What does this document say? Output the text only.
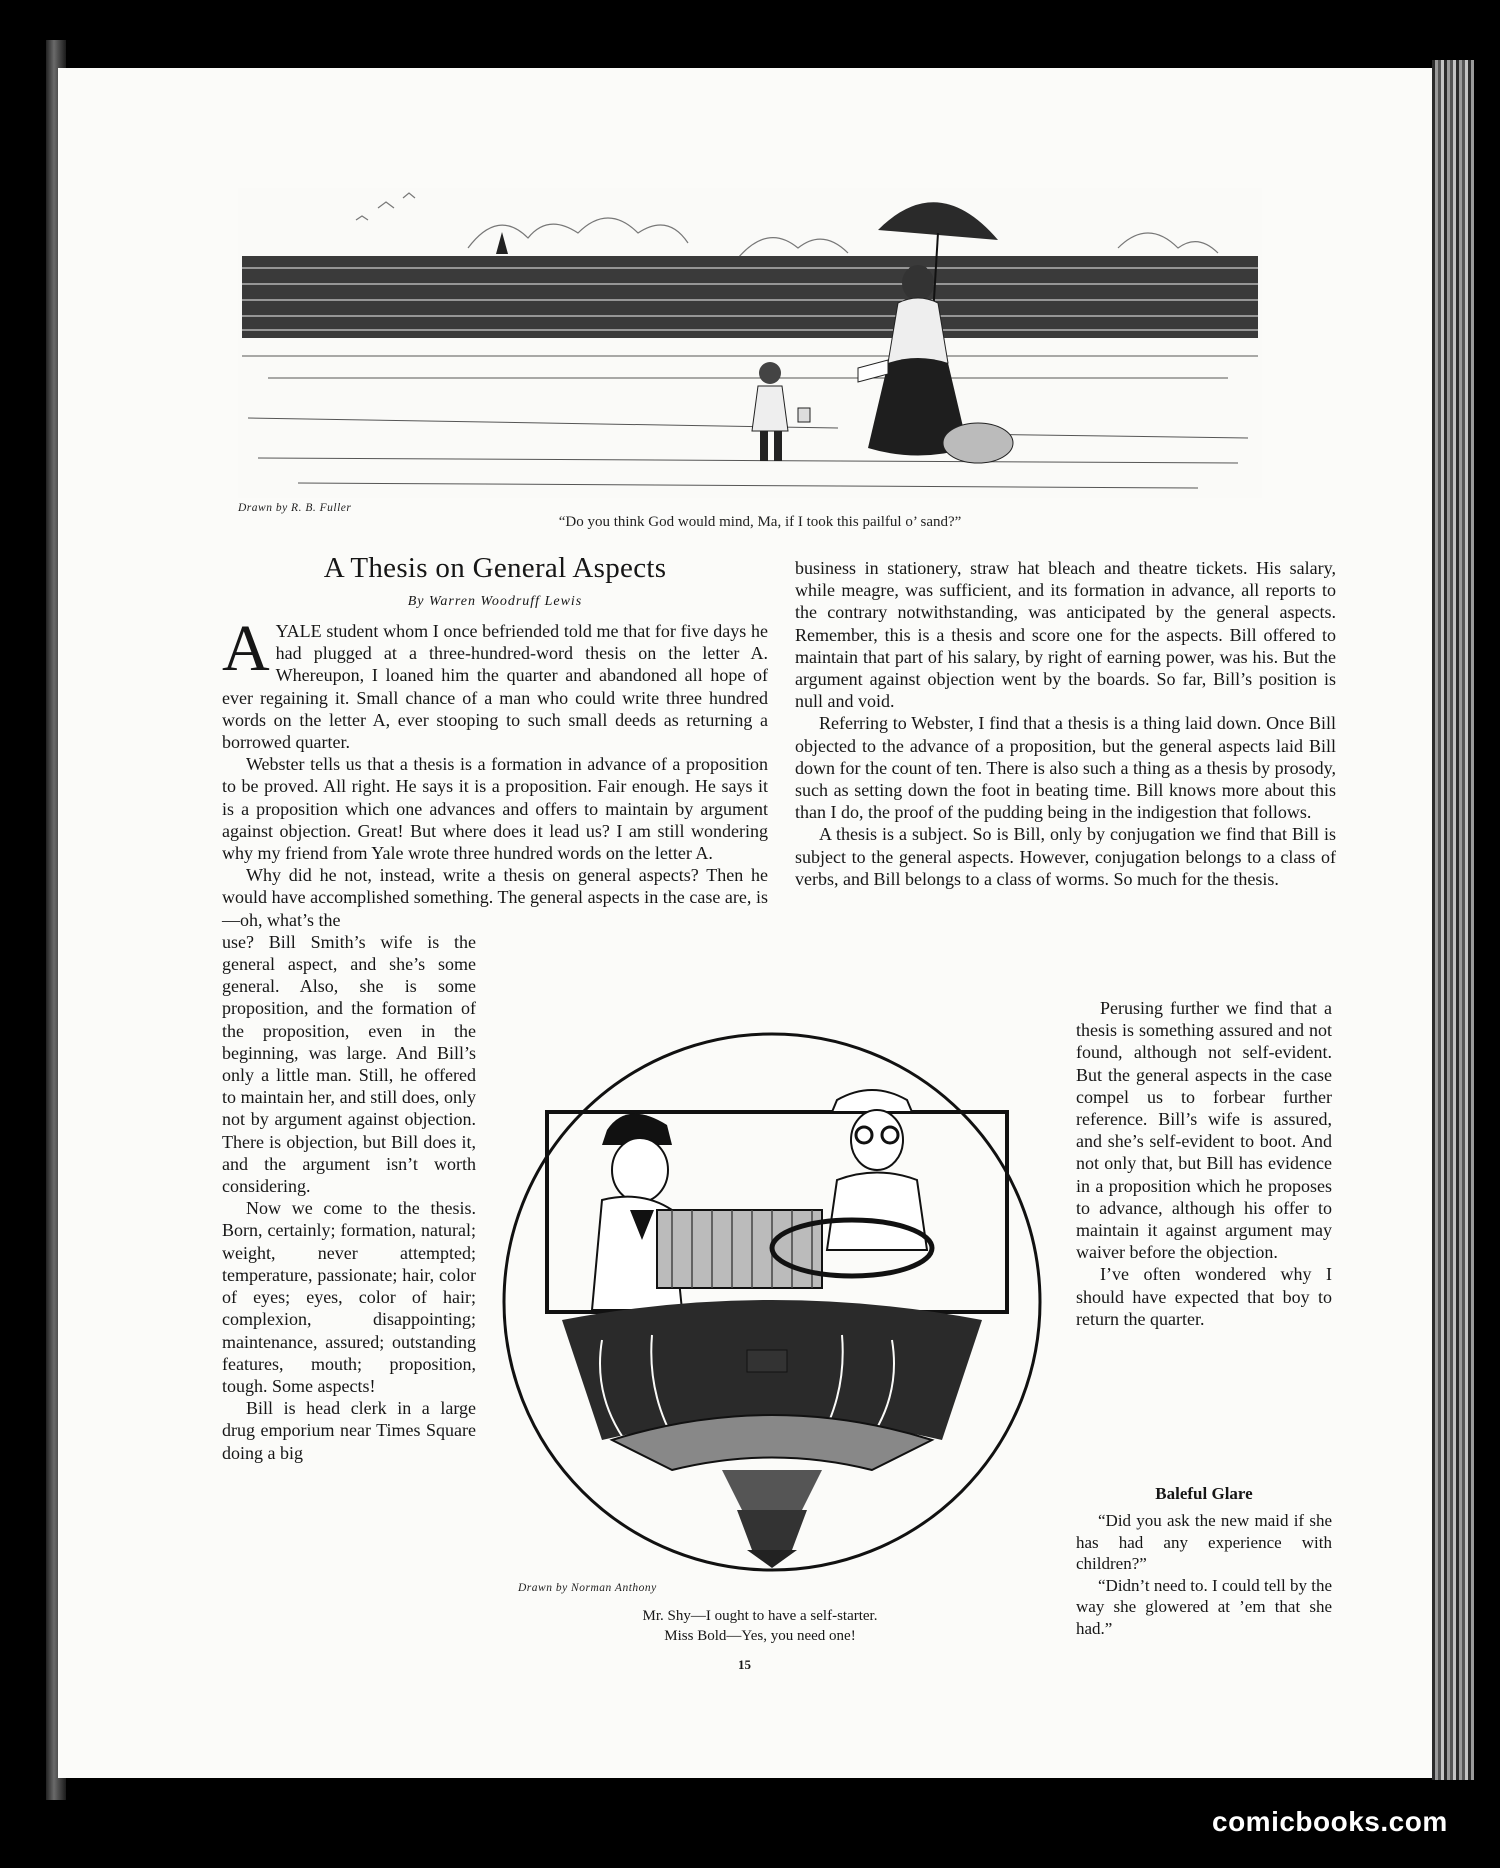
Drawn by R. B. Fuller
“Do you think God would mind, Ma, if I took this pailful o’ sand?”
A Thesis on General Aspects
By Warren Woodruff Lewis

AYALE student whom I once befriended told me that for five days he had plugged at a three-hundred-word thesis on the letter A. Whereupon, I loaned him the quarter and abandoned all hope of ever regaining it. Small chance of a man who could write three hundred words on the letter A, ever stooping to such small deeds as returning a borrowed quarter.

Webster tells us that a thesis is a formation in advance of a proposition to be proved. All right. He says it is a proposition. Fair enough. He says it is a proposition which one advances and offers to maintain by argument against objection. Great! But where does it lead us? I am still wondering why my friend from Yale wrote three hundred words on the letter A.

Why did he not, instead, write a thesis on general aspects? Then he would have accomplished something. The general aspects in the case are, is—oh, what’s the

use? Bill Smith’s wife is the general aspect, and she’s some general. Also, she is some proposition, and the formation of the proposition, even in the beginning, was large. And Bill’s only a little man. Still, he offered to maintain her, and still does, only not by argument against objection. There is objection, but Bill does it, and the argument isn’t worth considering.

Now we come to the thesis. Born, certainly; formation, natural; weight, never attempted; temperature, passionate; hair, color of eyes; eyes, color of hair; complexion, disappointing; maintenance, assured; outstanding features, mouth; proposition, tough. Some aspects!

Bill is head clerk in a large drug emporium near Times Square doing a big

business in stationery, straw hat bleach and theatre tickets. His salary, while meagre, was sufficient, and its formation in advance, all reports to the contrary notwithstanding, was anticipated by the general aspects. Remember, this is a thesis and score one for the aspects. Bill offered to maintain that part of his salary, by right of earning power, was his. But the argument against objection went by the boards. So far, Bill’s position is null and void.

Referring to Webster, I find that a thesis is a thing laid down. Once Bill objected to the advance of a proposition, but the general aspects laid Bill down for the count of ten. There is also such a thing as a thesis by prosody, such as setting down the foot in beating time. Bill knows more about this than I do, the proof of the pudding being in the indigestion that follows.

A thesis is a subject. So is Bill, only by conjugation we find that Bill is subject to the general aspects. However, conjugation belongs to a class of verbs, and Bill belongs to a class of worms. So much for the thesis.

Perusing further we find that a thesis is something assured and not found, although not self-evident. But the general aspects in the case compel us to forbear further reference. Bill’s wife is assured, and she’s self-evident to boot. And not only that, but Bill has evidence in a proposition which he proposes to advance, although his offer to maintain it against argument may waiver before the objection.

I’ve often wondered why I should have expected that boy to return the quarter.

Drawn by Norman Anthony
Mr. Shy—I ought to have a self-starter.
Miss Bold—Yes, you need one!
Baleful Glare

“Did you ask the new maid if she has had any experience with children?”

“Didn’t need to. I could tell by the way she glowered at ’em that she had.”

15
comicbooks.com
